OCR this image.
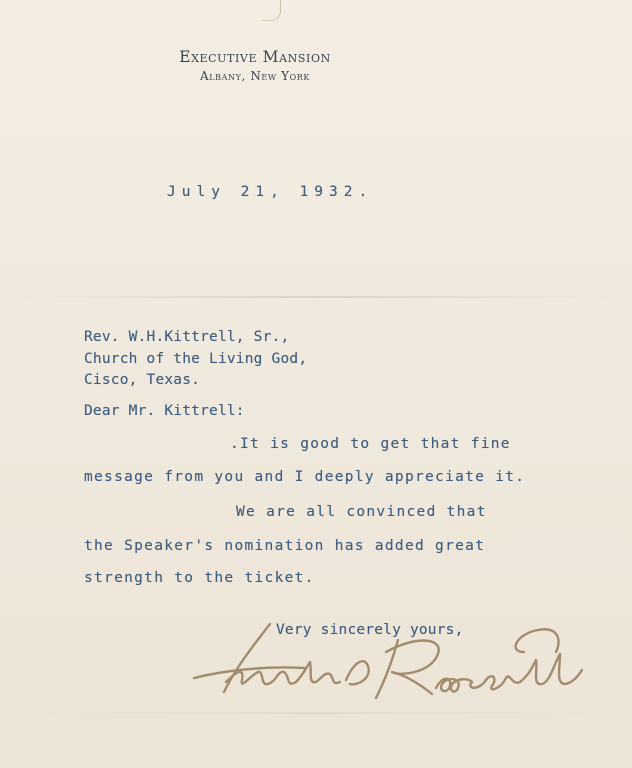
Executive Mansion
Albany, New York
July 21, 1932.
Rev. W.H.Kittrell, Sr.,
Church of the Living God,
Cisco, Texas.
Dear Mr. Kittrell:
.It is good to get that fine
message from you and I deeply appreciate it.
We are all convinced that
the Speaker's nomination has added great
strength to the ticket.
Very sincerely yours,
